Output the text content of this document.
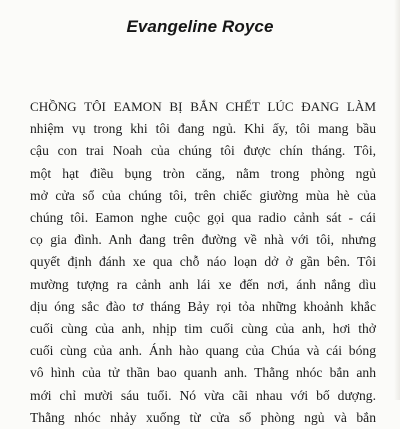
Evangeline Royce
CHỒNG TÔI EAMON BỊ BẮN CHẾT LÚC ĐANG LÀM
nhiệm vụ trong khi tôi đang ngủ. Khi ấy, tôi mang bầu
cậu con trai Noah của chúng tôi được chín tháng. Tôi,
một hạt điều bụng tròn căng, nằm trong phòng ngủ
mở cửa sổ của chúng tôi, trên chiếc giường mùa hè của
chúng tôi. Eamon nghe cuộc gọi qua radio cảnh sát - cái
cọ gia đình. Anh đang trên đường về nhà với tôi, nhưng
quyết định đánh xe qua chỗ náo loạn dở ở gần bên. Tôi
mường tượng ra cảnh anh lái xe đến nơi, ánh nắng dìu
dịu óng sắc đào tơ tháng Bảy rọi tỏa những khoảnh khắc
cuối cùng của anh, nhịp tim cuối cùng của anh, hơi thở
cuối cùng của anh. Ánh hào quang của Chúa và cái bóng
vô hình của tử thần bao quanh anh. Thằng nhóc bắn anh
mới chỉ mười sáu tuổi. Nó vừa cãi nhau với bố dượng.
Thằng nhóc nhảy xuống từ cửa sổ phòng ngủ và bắn
